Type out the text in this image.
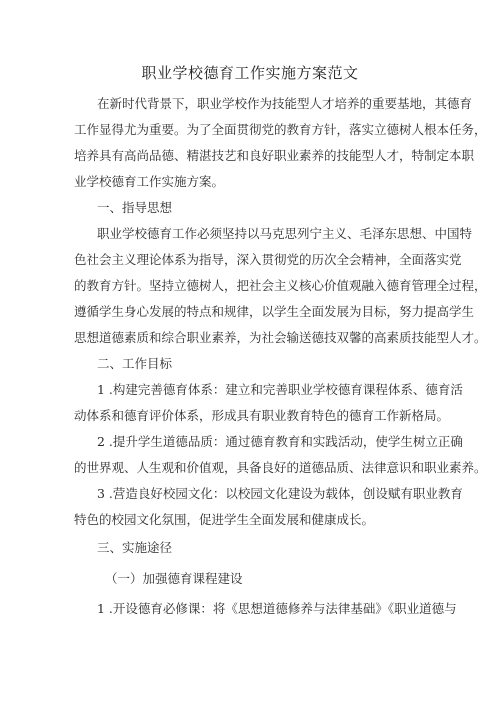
职业学校德育工作实施方案范文
在新时代背景下，职业学校作为技能型人才培养的重要基地，其德育
工作显得尤为重要。为了全面贯彻党的教育方针，落实立德树人根本任务，
培养具有高尚品德、精湛技艺和良好职业素养的技能型人才，特制定本职
业学校德育工作实施方案。
一、指导思想
职业学校德育工作必须坚持以马克思列宁主义、毛泽东思想、中国特
色社会主义理论体系为指导，深入贯彻党的历次全会精神，全面落实党
的教育方针。坚持立德树人，把社会主义核心价值观融入德育管理全过程，
遵循学生身心发展的特点和规律，以学生全面发展为目标，努力提高学生
思想道德素质和综合职业素养，为社会输送德技双馨的高素质技能型人才。
二、工作目标
1 .构建完善德育体系：建立和完善职业学校德育课程体系、德育活
动体系和德育评价体系，形成具有职业教育特色的德育工作新格局。
2 .提升学生道德品质：通过德育教育和实践活动，使学生树立正确
的世界观、人生观和价值观，具备良好的道德品质、法律意识和职业素养。
3 .营造良好校园文化：以校园文化建设为载体，创设赋有职业教育
特色的校园文化氛围，促进学生全面发展和健康成长。
三、实施途径
（一）加强德育课程建设
1 .开设德育必修课：将《思想道德修养与法律基础》《职业道德与
